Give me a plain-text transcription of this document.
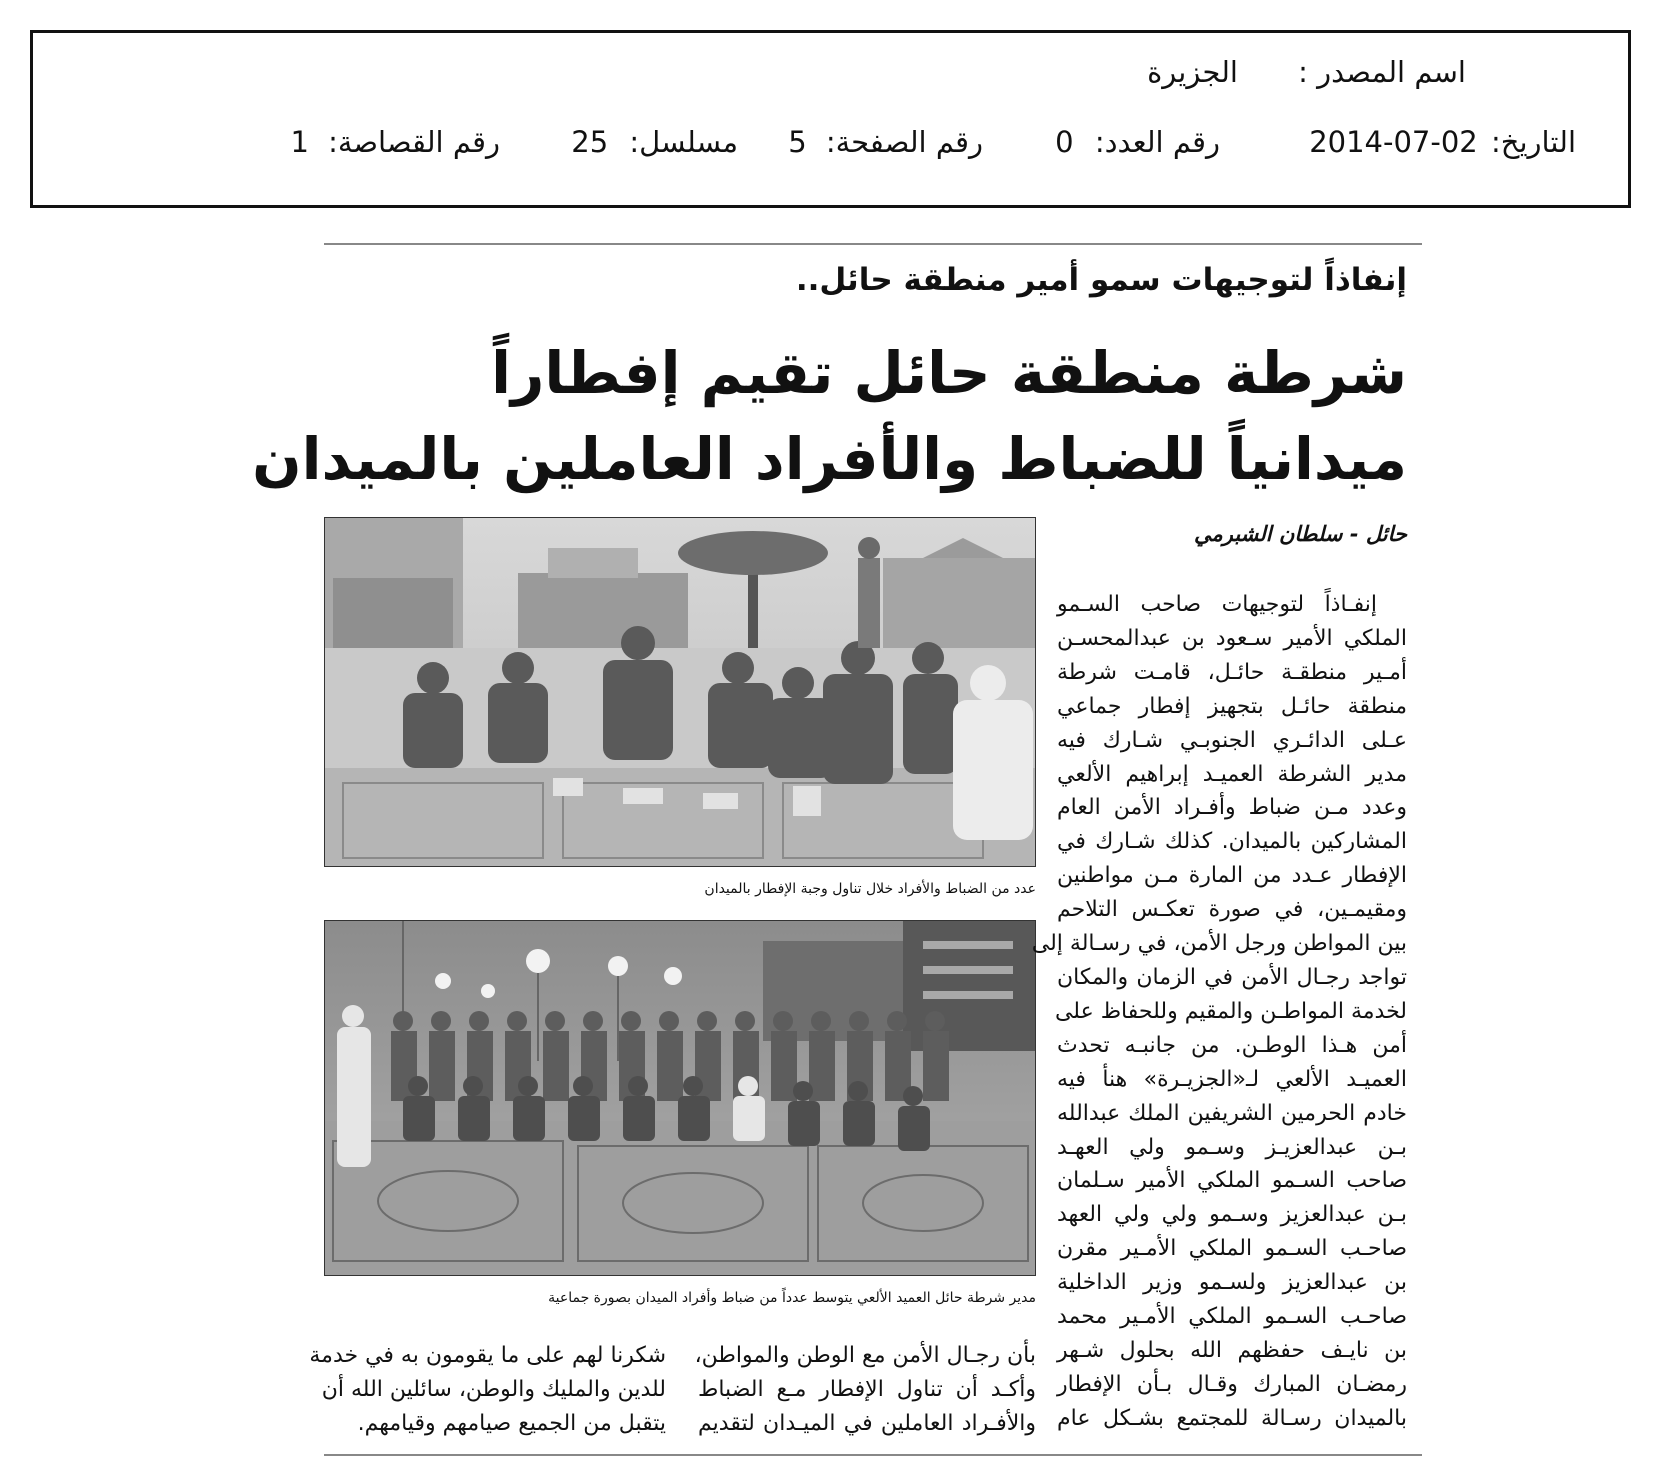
اسم المصدر :
الجزيرة
التاريخ: 2014-07-02
رقم العدد: 0
رقم الصفحة: 5
مسلسل: 25
رقم القصاصة: 1
إنفاذاً لتوجيهات سمو أمير منطقة حائل..
شرطة منطقة حائل تقيم إفطاراً
ميدانياً للضباط والأفراد العاملين بالميدان
حائل - سلطان الشبرمي
عدد من الضباط والأفراد خلال تناول وجبة الإفطار بالميدان
مدير شرطة حائل العميد الألعي يتوسط عدداً من ضباط وأفراد الميدان بصورة جماعية

إنفـاذاً لتوجيهات صاحب السـمو

الملكي الأمير سـعود بن عبدالمحسـن

أمـير منطقـة حائـل، قامـت شرطة

منطقة حائـل بتجهيز إفطار جماعي

عـلى الدائـري الجنوبـي شـارك فيه

مدير الشرطة العميـد إبراهيم الألعي

وعدد مـن ضباط وأفـراد الأمن العام

المشاركين بالميدان. كذلك شـارك في

الإفطار عـدد من المارة مـن مواطنين

ومقيمـين، في صورة تعكـس التلاحم

بين المواطن ورجل الأمن، في رسـالة إلى

تواجد رجـال الأمن في الزمان والمكان

لخدمة المواطـن والمقيم وللحفاظ على

أمن هـذا الوطـن. من جانبـه تحدث

العميـد الألعي لـ«الجزيـرة» هنأ فيه

خادم الحرمين الشريفين الملك عبدالله

بـن عبدالعزيـز وسـمو ولي العهـد

صاحب السـمو الملكي الأمير سـلمان

بـن عبدالعزيز وسـمو ولي ولي العهد

صاحـب السـمو الملكي الأمـير مقرن

بن عبدالعزيز ولسـمو وزير الداخلية

صاحـب السـمو الملكي الأمـير محمد

بن نايـف حفظهم الله بحلول شـهر

رمضـان المبارك وقـال بـأن الإفطار

بالميدان رسـالة للمجتمع بشـكل عام

بأن رجـال الأمن مع الوطن والمواطن،

وأكـد أن تناول الإفطار مـع الضباط

والأفـراد العاملين في الميـدان لتقديم

شكرنا لهم على ما يقومون به في خدمة

للدين والمليك والوطن، سائلين الله أن

يتقبل من الجميع صيامهم وقيامهم.
